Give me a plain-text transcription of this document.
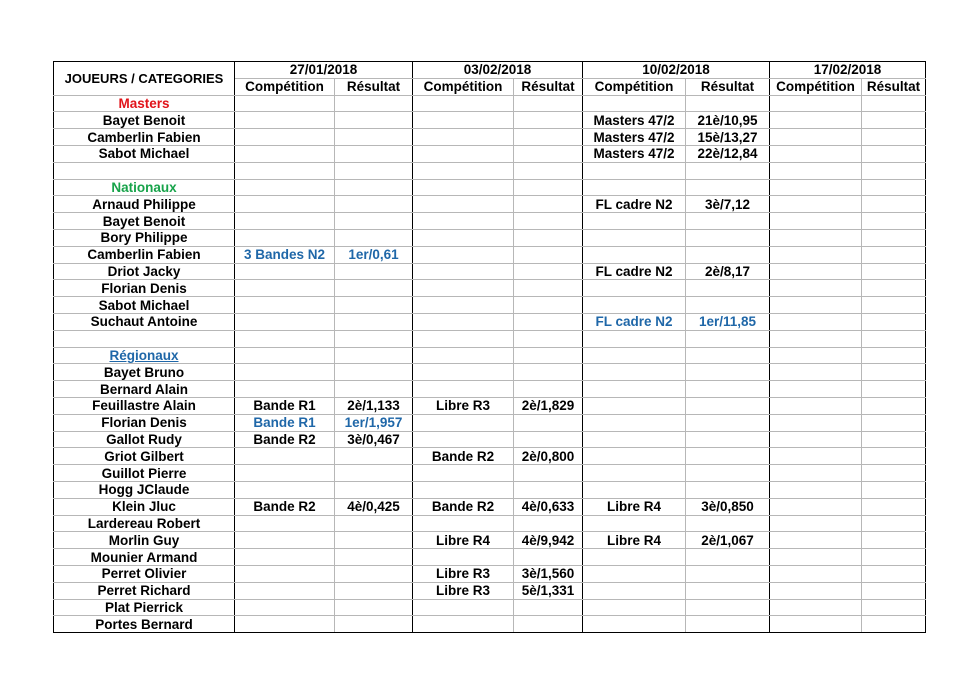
JOUEURS / CATEGORIES	27/01/2018		03/02/2018		10/02/2018		17/02/2018	
	Compétition	Résultat	Compétition	Résultat	Compétition	Résultat	Compétition	Résultat
Masters								
Bayet Benoit					Masters 47/2	21è/10,95		
Camberlin Fabien					Masters 47/2	15è/13,27		
Sabot Michael					Masters 47/2	22è/12,84		

Nationaux								
Arnaud Philippe					FL cadre N2	3è/7,12		
Bayet Benoit								
Bory Philippe								
Camberlin Fabien	3 Bandes N2	1er/0,61						
Driot Jacky					FL cadre N2	2è/8,17		
Florian Denis								
Sabot Michael								
Suchaut Antoine					FL cadre N2	1er/11,85		

Régionaux								
Bayet Bruno								
Bernard Alain								
Feuillastre Alain	Bande R1	2è/1,133	Libre R3	2è/1,829				
Florian Denis	Bande R1	1er/1,957						
Gallot Rudy	Bande R2	3è/0,467						
Griot Gilbert			Bande R2	2è/0,800				
Guillot Pierre								
Hogg JClaude								
Klein Jluc	Bande R2	4è/0,425	Bande R2	4è/0,633	Libre R4	3è/0,850		
Lardereau Robert								
Morlin Guy			Libre R4	4è/9,942	Libre R4	2è/1,067		
Mounier Armand								
Perret Olivier			Libre R3	3è/1,560				
Perret Richard			Libre R3	5è/1,331				
Plat Pierrick								
Portes Bernard								
